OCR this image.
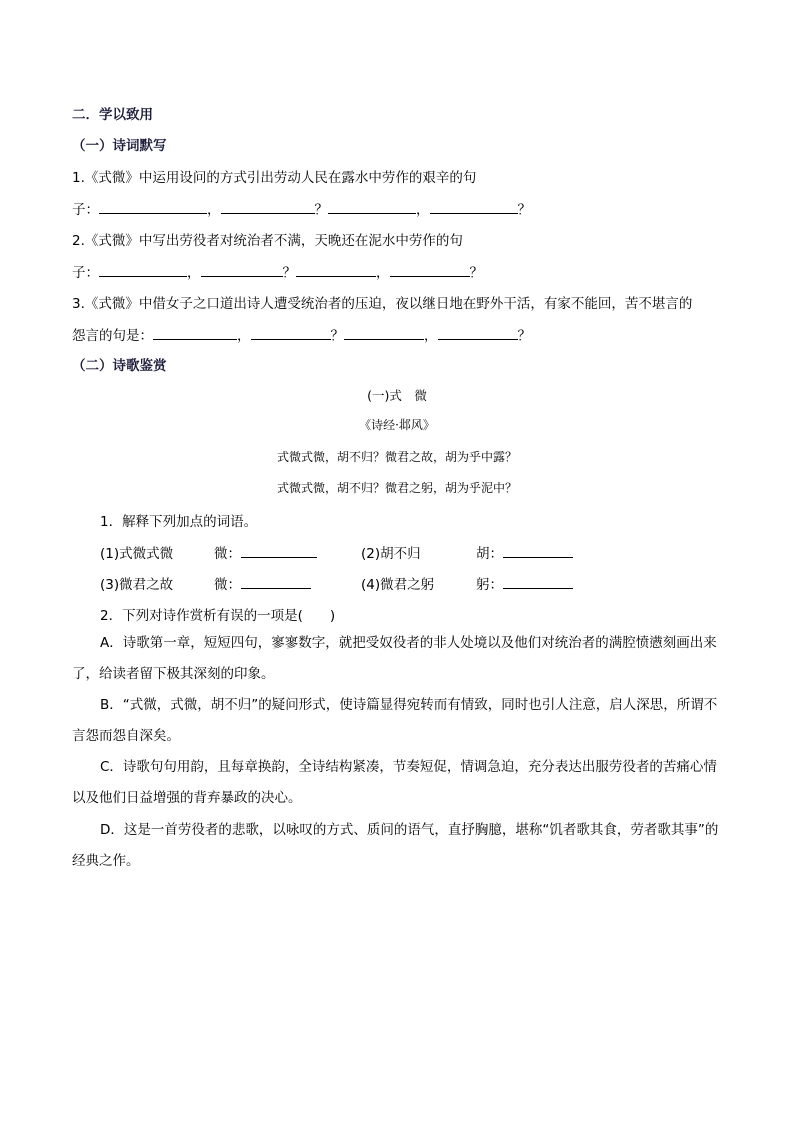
二．学以致用
（一）诗词默写
1.《式微》中运用设问的方式引出劳动人民在露水中劳作的艰辛的句
子：	，	？	，	？
2.《式微》中写出劳役者对统治者不满，天晚还在泥水中劳作的句
子：	，	？	，	？
3.《式微》中借女子之口道出诗人遭受统治者的压迫，夜以继日地在野外干活，有家不能回，苦不堪言的
怨言的句是：	，	？	，	？
（二）诗歌鉴赏
(一)式　微
《诗经·邶风》
式微式微，胡不归？微君之故，胡为乎中露？
式微式微，胡不归？微君之躬，胡为乎泥中？
1．解释下列加点的词语。
(1)式微式微	微：	(2)胡不归	胡：
(3)微君之故	微：	(4)微君之躬	躬：
2．下列对诗作赏析有误的一项是(　　)

A．诗歌第一章，短短四句，寥寥数字，就把受奴役者的非人处境以及他们对统治者的满腔愤懑刻画出来了，给读者留下极其深刻的印象。

B．“式微，式微，胡不归”的疑问形式，使诗篇显得宛转而有情致，同时也引人注意，启人深思，所谓不言怨而怨自深矣。

C．诗歌句句用韵，且每章换韵，全诗结构紧凑，节奏短促，情调急迫，充分表达出服劳役者的苦痛心情以及他们日益增强的背弃暴政的决心。

D．这是一首劳役者的悲歌，以咏叹的方式、质问的语气，直抒胸臆，堪称“饥者歌其食，劳者歌其事”的经典之作。
